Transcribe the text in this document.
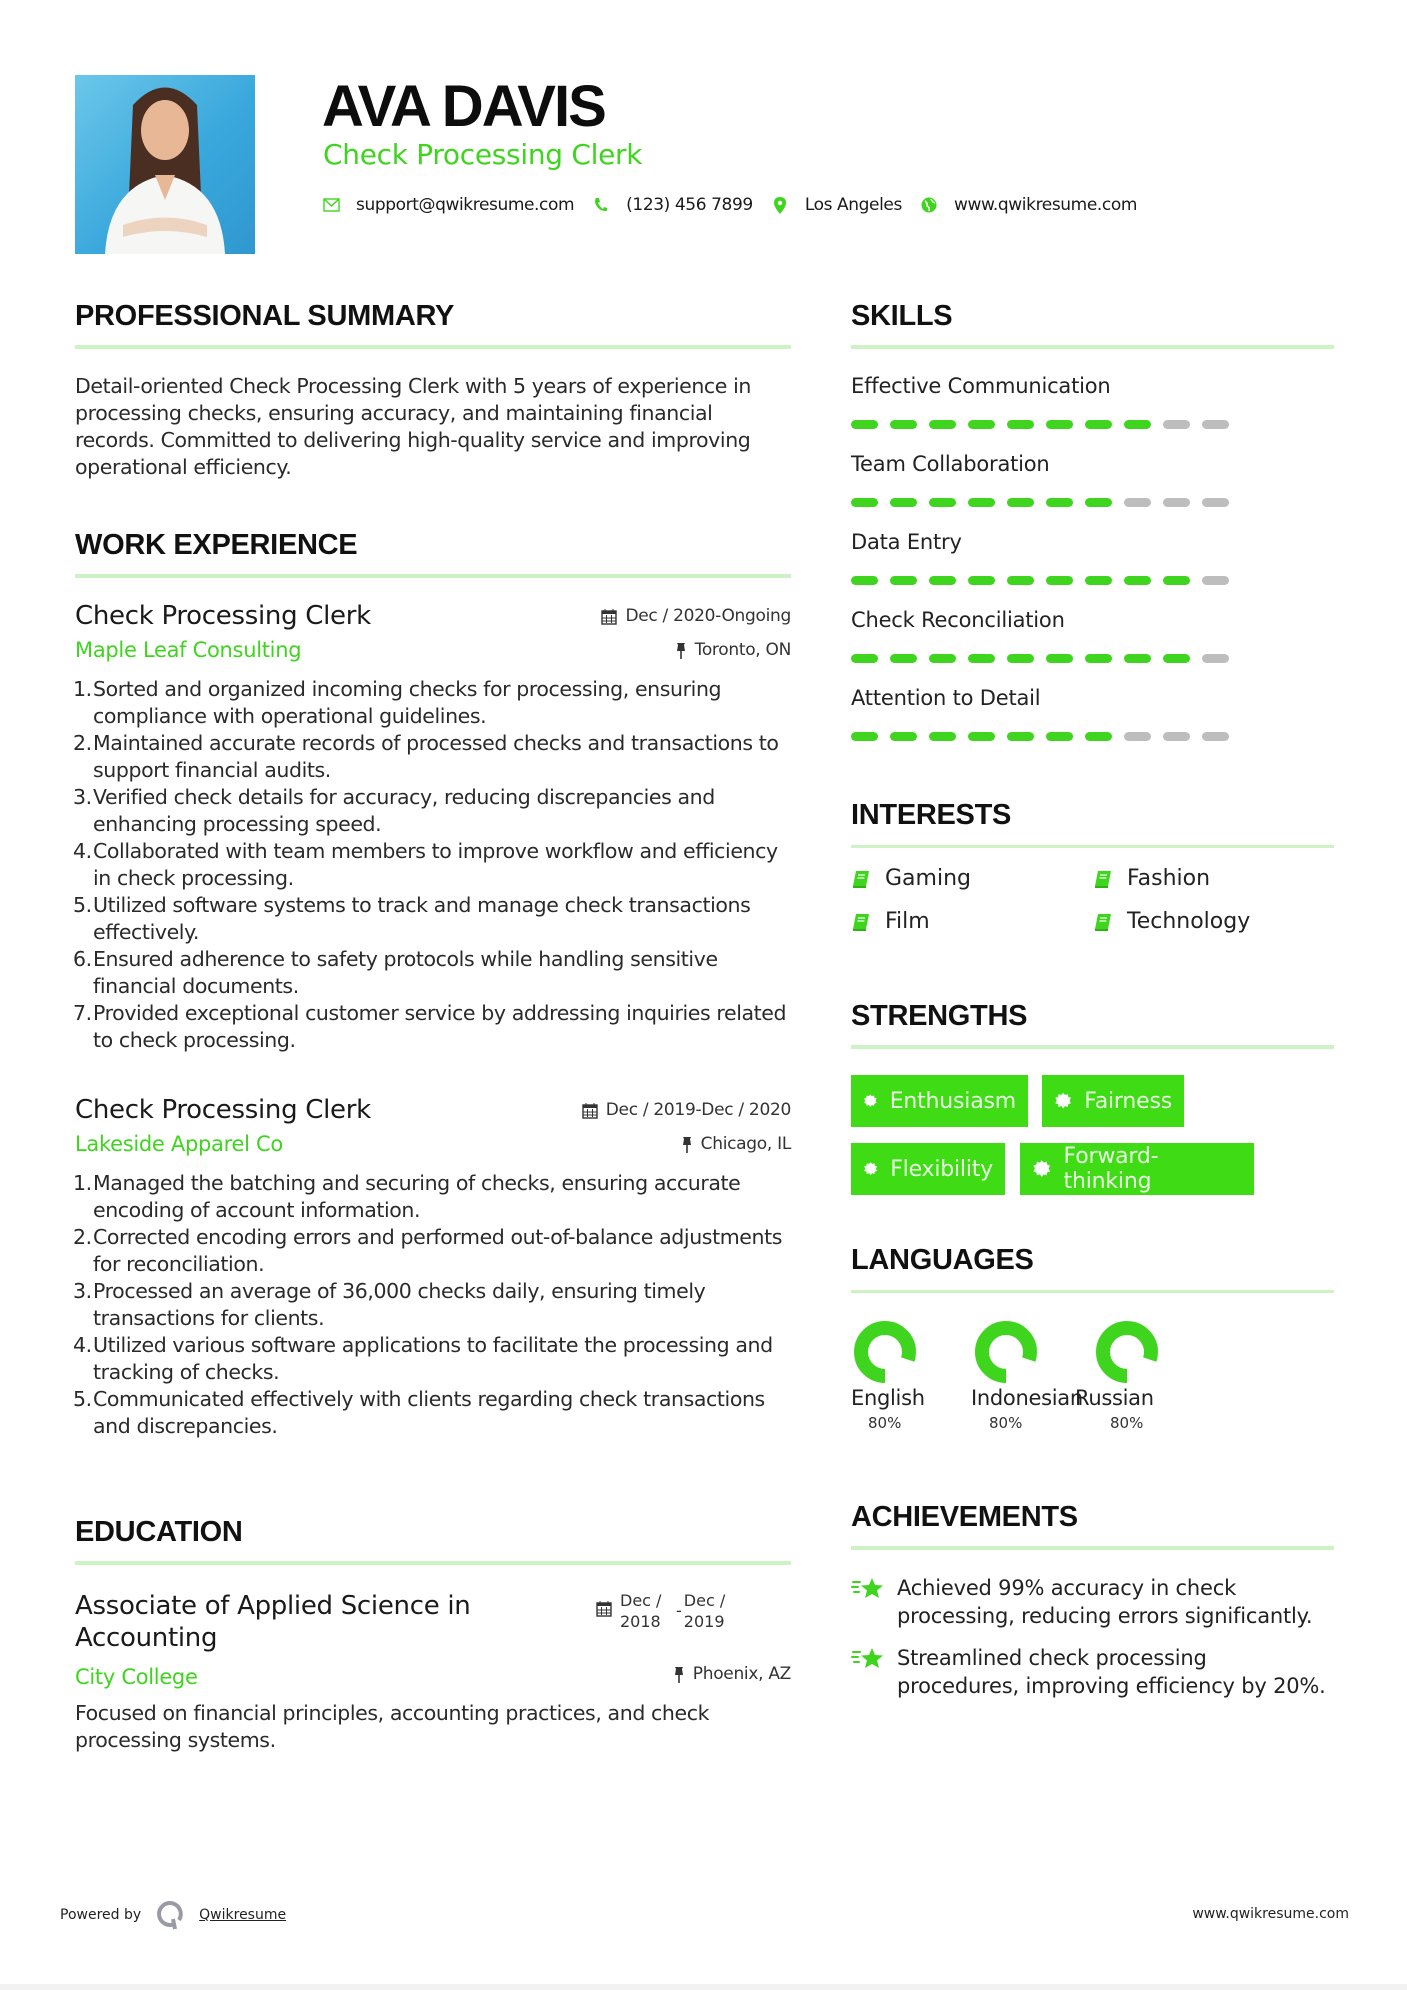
AVA DAVIS
Check Processing Clerk
support@qwikresume.com	(123) 456 7899	Los Angeles	www.qwikresume.com
PROFESSIONAL SUMMARY
Detail-oriented Check Processing Clerk with 5 years of experience in processing checks, ensuring accuracy, and maintaining financial records. Committed to delivering high-quality service and improving operational efficiency.
WORK EXPERIENCE
Check Processing Clerk	Dec / 2020-Ongoing
Maple Leaf Consulting	Toronto, ON
Sorted and organized incoming checks for processing, ensuring compliance with operational guidelines.
Maintained accurate records of processed checks and transactions to support financial audits.
Verified check details for accuracy, reducing discrepancies and enhancing processing speed.
Collaborated with team members to improve workflow and efficiency in check processing.
Utilized software systems to track and manage check transactions effectively.
Ensured adherence to safety protocols while handling sensitive financial documents.
Provided exceptional customer service by addressing inquiries related to check processing.
Check Processing Clerk	Dec / 2019-Dec / 2020
Lakeside Apparel Co	Chicago, IL
Managed the batching and securing of checks, ensuring accurate encoding of account information.
Corrected encoding errors and performed out-of-balance adjustments for reconciliation.
Processed an average of 36,000 checks daily, ensuring timely transactions for clients.
Utilized various software applications to facilitate the processing and tracking of checks.
Communicated effectively with clients regarding check transactions and discrepancies.
EDUCATION
Associate of Applied Science in Accounting
Dec /
2018
-
Dec /
2019
City College	Phoenix, AZ
Focused on financial principles, accounting practices, and check processing systems.
SKILLS
Effective Communication
Team Collaboration
Data Entry
Check Reconciliation
Attention to Detail
INTERESTS
Gaming	Fashion
Film	Technology
STRENGTHS
Enthusiasm	Fairness
Flexibility	Forward-thinking
LANGUAGES
English
80%
Indonesian
80%
Russian
80%
ACHIEVEMENTS
Achieved 99% accuracy in check processing, reducing errors significantly.
Streamlined check processing procedures, improving efficiency by 20%.
Powered by	Qwikresume	www.qwikresume.com
